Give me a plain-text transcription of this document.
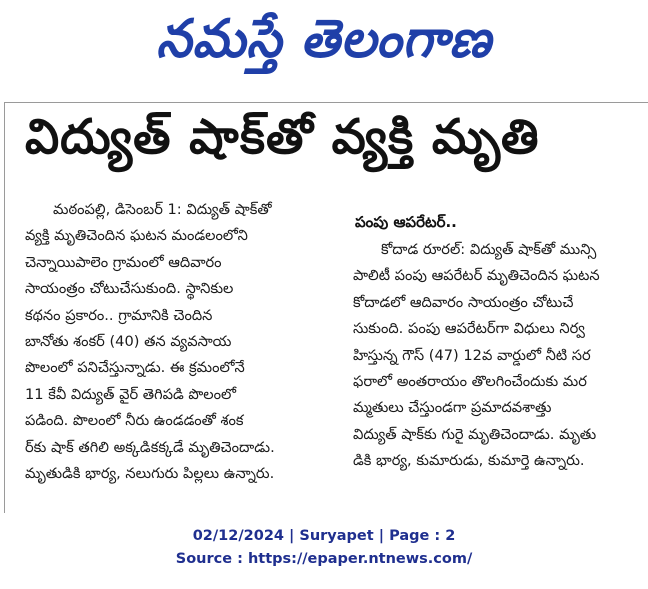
నమస్తే తెలంగాణ
విద్యుత్ షాక్‌తో వ్యక్తి మృతి
మఠంపల్లి, డిసెంబర్ 1: విద్యుత్ షాక్‌తో
వ్యక్తి మృతిచెందిన ఘటన మండలంలోని
చెన్నాయిపాలెం గ్రామంలో ఆదివారం
సాయంత్రం చోటుచేసుకుంది. స్థానికుల
కథనం ప్రకారం.. గ్రామానికి చెందిన
బానోతు శంకర్ (40) తన వ్యవసాయ
పొలంలో పనిచేస్తున్నాడు. ఈ క్రమంలోనే
11 కేవీ విద్యుత్ వైర్ తెగిపడి పొలంలో
పడింది. పొలంలో నీరు ఉండడంతో శంక
ర్‌కు షాక్ తగిలి అక్కడికక్కడే మృతిచెందాడు.
మృతుడికి భార్య, నలుగురు పిల్లలు ఉన్నారు.
పంపు ఆపరేటర్..
కోదాడ రూరల్: విద్యుత్ షాక్‌తో మున్సి
పాలిటీ పంపు ఆపరేటర్ మృతిచెందిన ఘటన
కోదాడలో ఆదివారం సాయంత్రం చోటుచే
సుకుంది. పంపు ఆపరేటర్‌గా విధులు నిర్వ
హిస్తున్న గౌస్ (47) 12వ వార్డులో నీటి సర
ఫరాలో అంతరాయం తొలగించేందుకు మర
మ్మతులు చేస్తుండగా ప్రమాదవశాత్తు
విద్యుత్ షాక్‌కు గురై మృతిచెందాడు. మృతు
డికి భార్య, కుమారుడు, కుమార్తె ఉన్నారు.
02/12/2024 | Suryapet | Page : 2
Source : https://epaper.ntnews.com/
